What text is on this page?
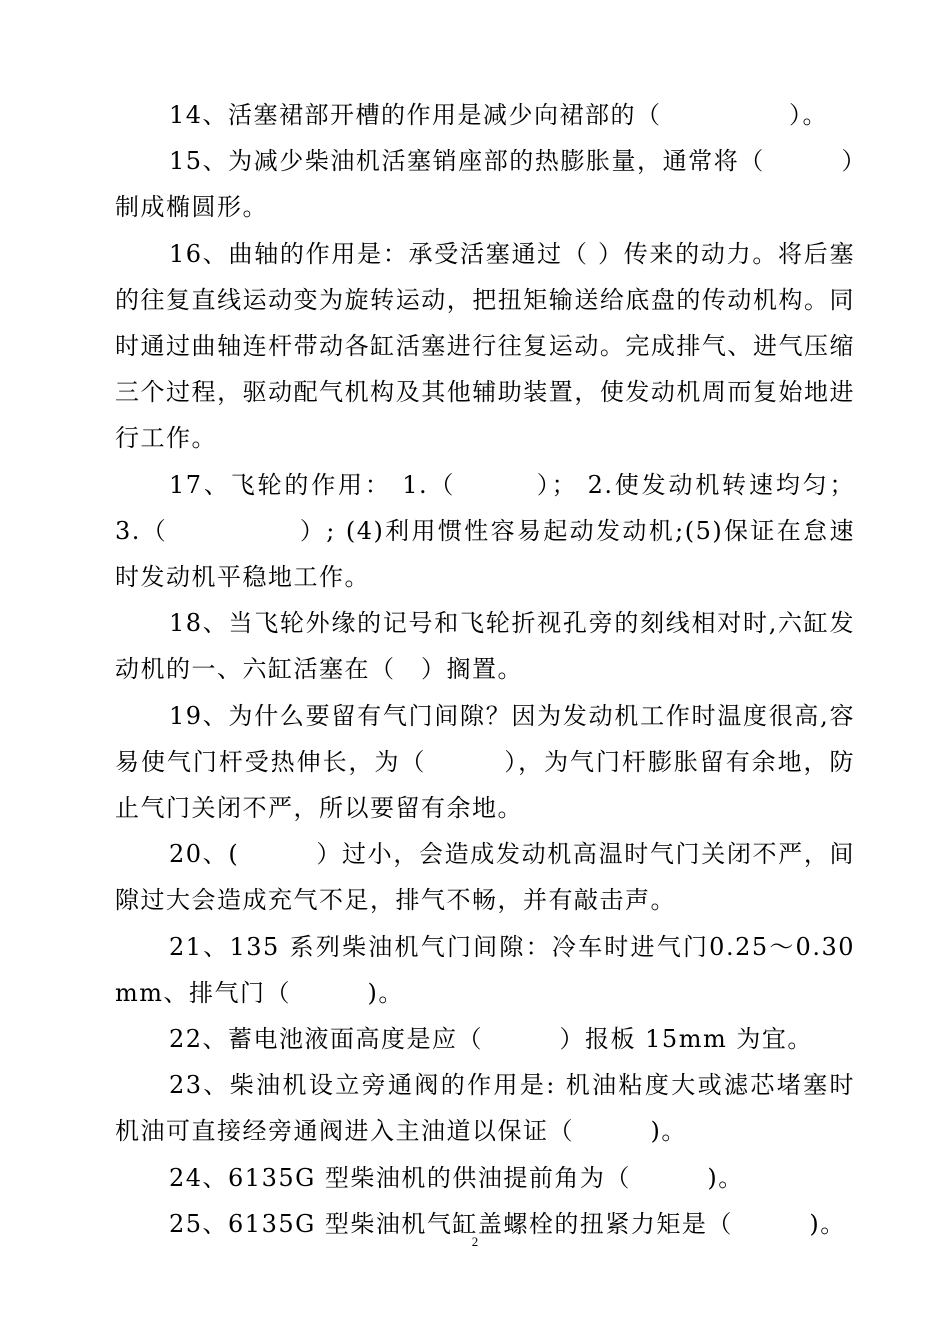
14、活塞裙部开槽的作用是减少向裙部的（　　　　　）。

15、为减少柴油机活塞销座部的热膨胀量，通常将（　　　）制成椭圆形。

16、曲轴的作用是：承受活塞通过（ ）传来的动力。将后塞的往复直线运动变为旋转运动，把扭矩输送给底盘的传动机构。同时通过曲轴连杆带动各缸活塞进行往复运动。完成排气、进气压缩三个过程，驱动配气机构及其他辅助装置，使发动机周而复始地进行工作。

17、飞轮的作用： 1.（　　　）； 2.使发动机转速均匀； 3.（　　　　　）; (4)利用惯性容易起动发动机;(5)保证在怠速时发动机平稳地工作。

18、当飞轮外缘的记号和飞轮折视孔旁的刻线相对时,六缸发动机的一、六缸活塞在（　）搁置。

19、为什么要留有气门间隙？因为发动机工作时温度很高,容易使气门杆受热伸长，为（　　　），为气门杆膨胀留有余地，防止气门关闭不严，所以要留有余地。

20、(　　　）过小，会造成发动机高温时气门关闭不严，间隙过大会造成充气不足，排气不畅，并有敲击声。

21、135 系列柴油机气门间隙：冷车时进气门0.25～0.30mm、排气门（　　　)。

22、蓄电池液面高度是应（　　　）报板 15mm 为宜。

23、柴油机设立旁通阀的作用是: 机油粘度大或滤芯堵塞时机油可直接经旁通阀进入主油道以保证（　　　)。

24、6135G 型柴油机的供油提前角为（　　　)。

25、6135G 型柴油机气缸盖螺栓的扭紧力矩是（　　　)。

2
